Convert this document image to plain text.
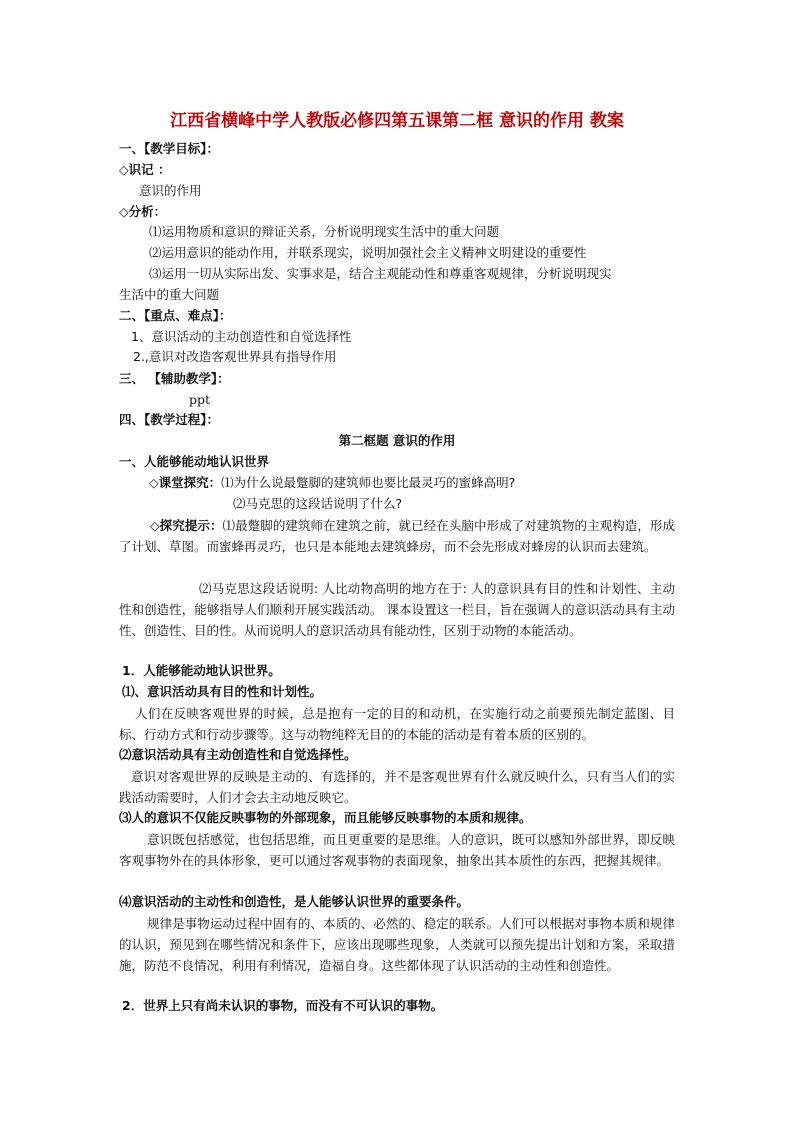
江西省横峰中学人教版必修四第五课第二框 意识的作用 教案
一、【教学目标】：
◇识记 ：
意识的作用
◇分析：
⑴运用物质和意识的辩证关系，分析说明现实生活中的重大问题
⑵运用意识的能动作用，并联系现实，说明加强社会主义精神文明建设的重要性
⑶运用一切从实际出发、实事求是，结合主观能动性和尊重客观规律，分析说明现实
生活中的重大问题
二、【重点、难点】：
1、意识活动的主动创造性和自觉选择性
2.,意识对改造客观世界具有指导作用
三、 【辅助教学】：
ppt
四、【教学过程】：
第二框题 意识的作用
一、人能够能动地认识世界
◇课堂探究：⑴为什么说最蹩脚的建筑师也要比最灵巧的蜜蜂高明?
⑵马克思的这段话说明了什么?
◇探究提示：⑴最蹩脚的建筑师在建筑之前，就已经在头脑中形成了对建筑物的主观构造，形成了计划、草图。而蜜蜂再灵巧，也只是本能地去建筑蜂房，而不会先形成对蜂房的认识而去建筑。
⑵马克思这段话说明: 人比动物高明的地方在于: 人的意识具有目的性和计划性、主动性和创造性，能够指导人们顺利开展实践活动。 课本设置这一栏目，旨在强调人的意识活动具有主动性、创造性、目的性。从而说明人的意识活动具有能动性，区别于动物的本能活动。
1．人能够能动地认识世界。
⑴、意识活动具有目的性和计划性。
人们在反映客观世界的时候，总是抱有一定的目的和动机，在实施行动之前要预先制定蓝图、目标、行动方式和行动步骤等。这与动物纯粹无目的的本能的活动是有着本质的区别的。
⑵意识活动具有主动创造性和自觉选择性。
意识对客观世界的反映是主动的、有选择的，并不是客观世界有什么就反映什么，只有当人们的实践活动需要时，人们才会去主动地反映它。
⑶人的意识不仅能反映事物的外部现象，而且能够反映事物的本质和规律。
意识既包括感觉，也包括思维，而且更重要的是思维。人的意识，既可以感知外部世界，即反映客观事物外在的具体形象，更可以通过客观事物的表面现象，抽象出其本质性的东西，把握其规律。
⑷意识活动的主动性和创造性，是人能够认识世界的重要条件。
规律是事物运动过程中固有的、本质的、必然的、稳定的联系。人们可以根据对事物本质和规律的认识，预见到在哪些情况和条件下，应该出现哪些现象，人类就可以预先提出计划和方案，采取措施，防范不良情况，利用有利情况，造福自身。这些都体现了认识活动的主动性和创造性。
2．世界上只有尚未认识的事物，而没有不可认识的事物。
